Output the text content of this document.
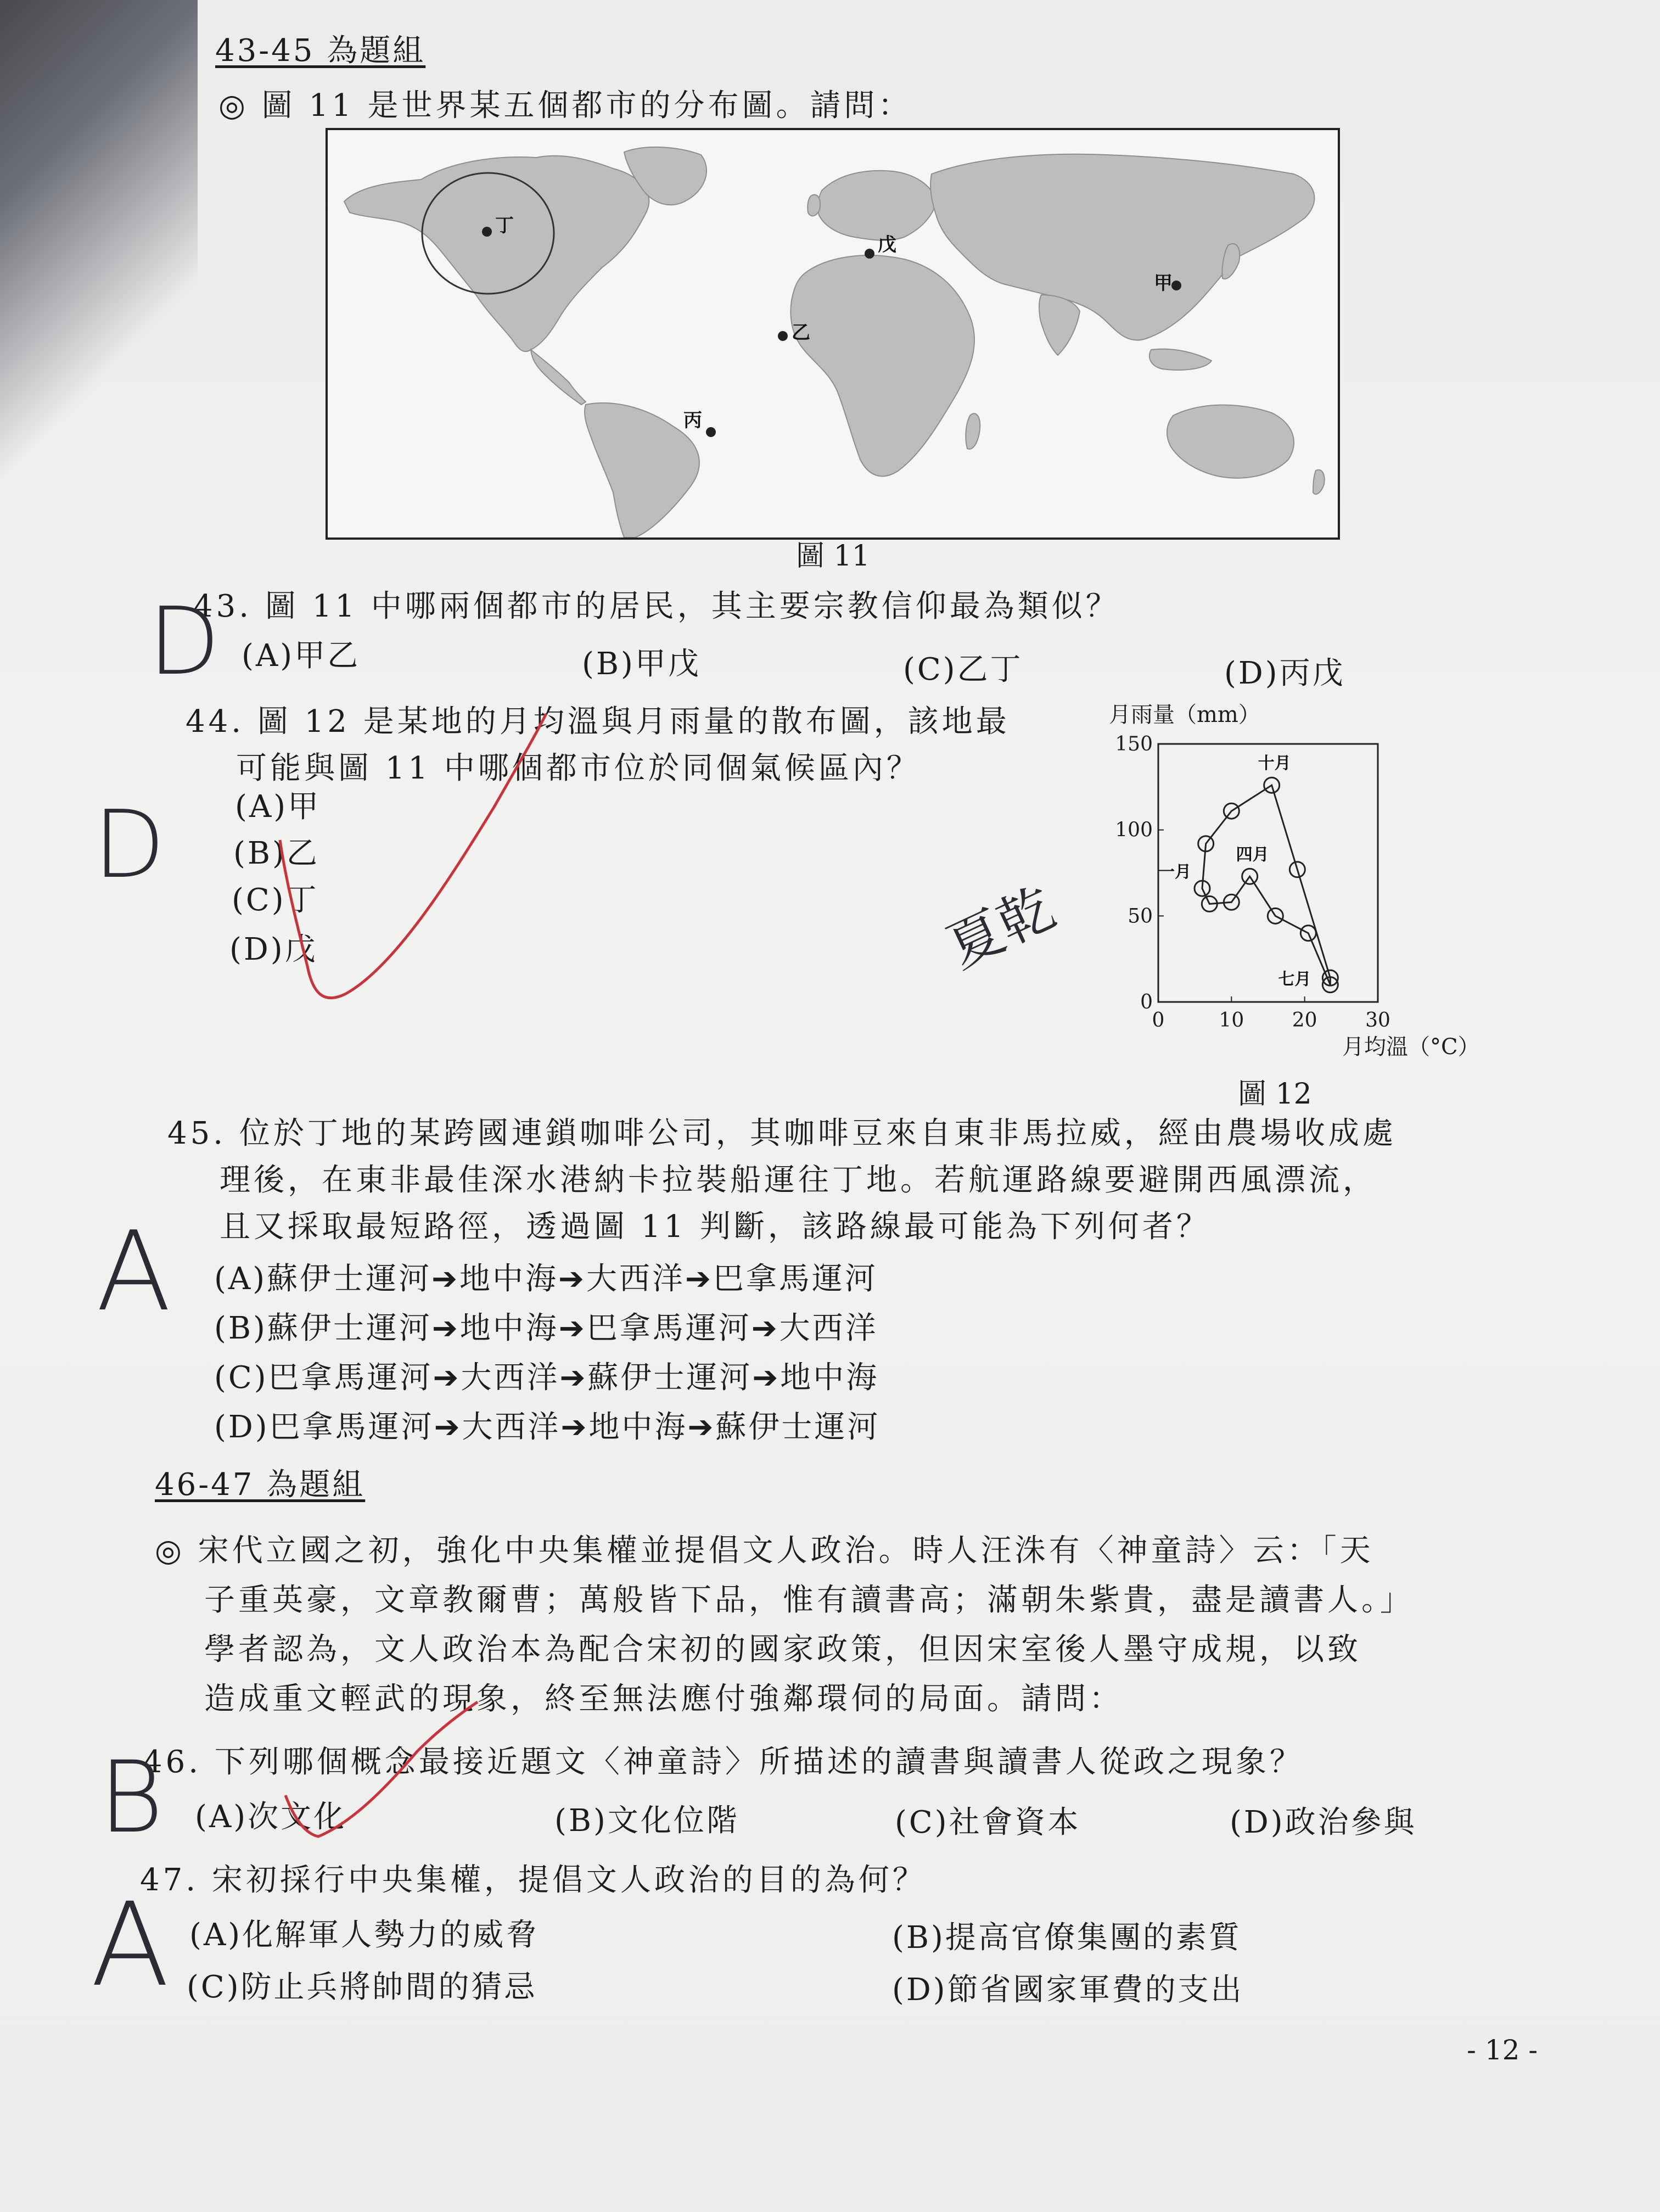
43-45 為題組
◎ 圖 11 是世界某五個都市的分布圖。請問：
丁
戊
乙
甲
丙
圖 11
43. 圖 11 中哪兩個都市的居民，其主要宗教信仰最為類似？
(A)甲乙	(B)甲戊	(C)乙丁	(D)丙戊
44. 圖 12 是某地的月均溫與月雨量的散布圖，該地最
可能與圖 11 中哪個都市位於同個氣候區內？
(A)甲
(B)乙
(C)丁
(D)戊
月雨量（mm）
月均溫（°C）
0	10 20 30
0
50
100
150
一月
四月
七月
十月
圖 12
45. 位於丁地的某跨國連鎖咖啡公司，其咖啡豆來自東非馬拉威，經由農場收成處
理後，在東非最佳深水港納卡拉裝船運往丁地。若航運路線要避開西風漂流，
且又採取最短路徑，透過圖 11 判斷，該路線最可能為下列何者？
(A)蘇伊士運河➔地中海➔大西洋➔巴拿馬運河
(B)蘇伊士運河➔地中海➔巴拿馬運河➔大西洋
(C)巴拿馬運河➔大西洋➔蘇伊士運河➔地中海
(D)巴拿馬運河➔大西洋➔地中海➔蘇伊士運河
46-47 為題組
◎ 宋代立國之初，強化中央集權並提倡文人政治。時人汪洙有〈神童詩〉云：「天
子重英豪，文章教爾曹；萬般皆下品，惟有讀書高；滿朝朱紫貴，盡是讀書人。」
學者認為，文人政治本為配合宋初的國家政策，但因宋室後人墨守成規，以致
造成重文輕武的現象，終至無法應付強鄰環伺的局面。請問：
46. 下列哪個概念最接近題文〈神童詩〉所描述的讀書與讀書人從政之現象？
(A)次文化	(B)文化位階	(C)社會資本	(D)政治參與
47. 宋初採行中央集權，提倡文人政治的目的為何？
(A)化解軍人勢力的威脅	(B)提高官僚集團的素質
(C)防止兵將帥間的猜忌	(D)節省國家軍費的支出
- 12 -
D
D
A
B
A
夏乾
